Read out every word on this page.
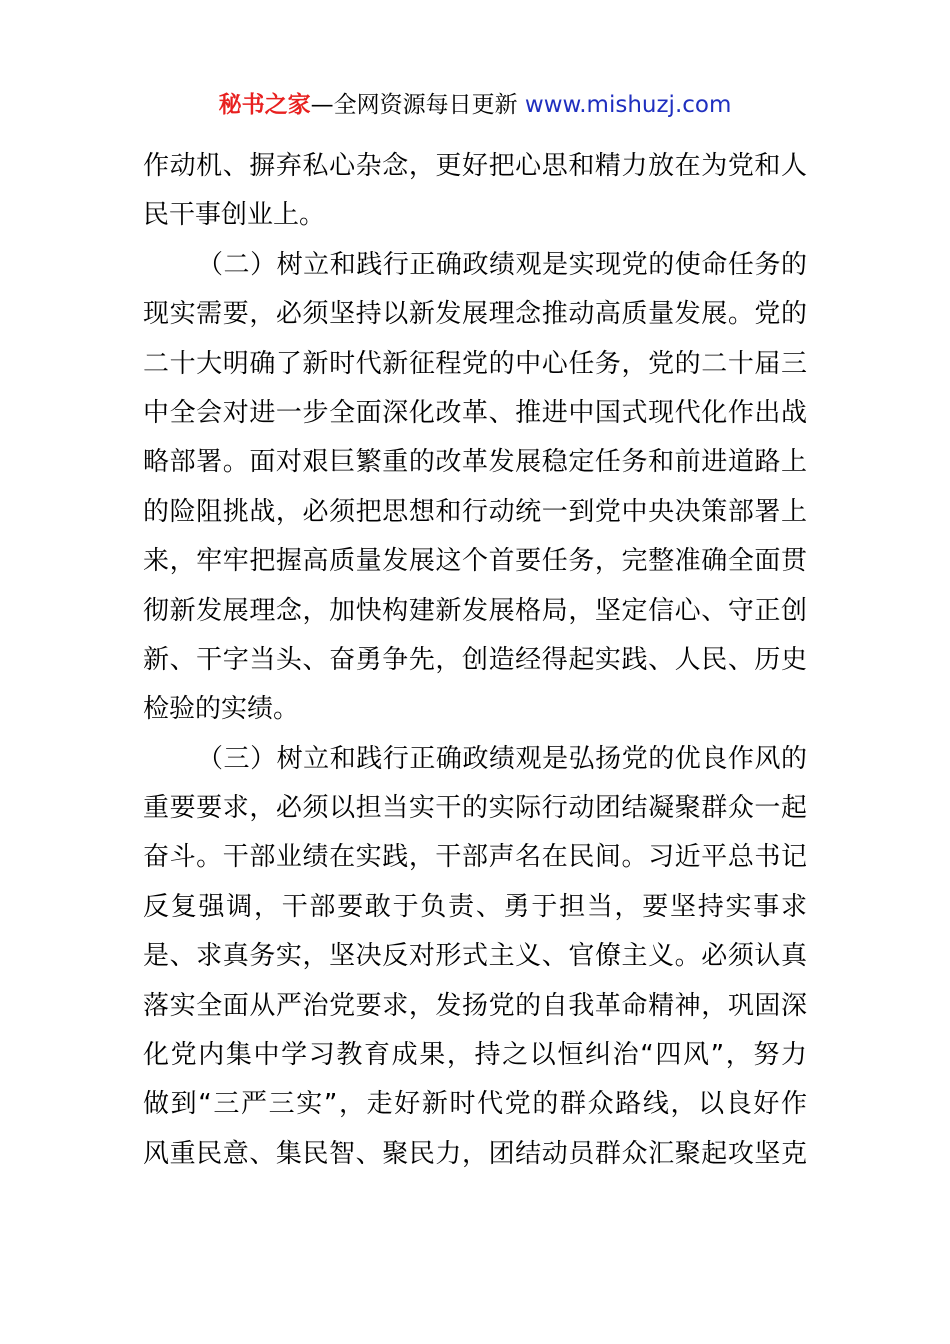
秘书之家—全网资源每日更新 www.mishuzj.com
作动机、摒弃私心杂念，更好把心思和精力放在为党和人
民干事创业上。
（二）树立和践行正确政绩观是实现党的使命任务的
现实需要，必须坚持以新发展理念推动高质量发展。党的
二十大明确了新时代新征程党的中心任务，党的二十届三
中全会对进一步全面深化改革、推进中国式现代化作出战
略部署。面对艰巨繁重的改革发展稳定任务和前进道路上
的险阻挑战，必须把思想和行动统一到党中央决策部署上
来，牢牢把握高质量发展这个首要任务，完整准确全面贯
彻新发展理念，加快构建新发展格局，坚定信心、守正创
新、干字当头、奋勇争先，创造经得起实践、人民、历史
检验的实绩。
（三）树立和践行正确政绩观是弘扬党的优良作风的
重要要求，必须以担当实干的实际行动团结凝聚群众一起
奋斗。干部业绩在实践，干部声名在民间。习近平总书记
反复强调，干部要敢于负责、勇于担当，要坚持实事求
是、求真务实，坚决反对形式主义、官僚主义。必须认真
落实全面从严治党要求，发扬党的自我革命精神，巩固深
化党内集中学习教育成果，持之以恒纠治“四风”，努力
做到“三严三实”，走好新时代党的群众路线，以良好作
风重民意、集民智、聚民力，团结动员群众汇聚起攻坚克
